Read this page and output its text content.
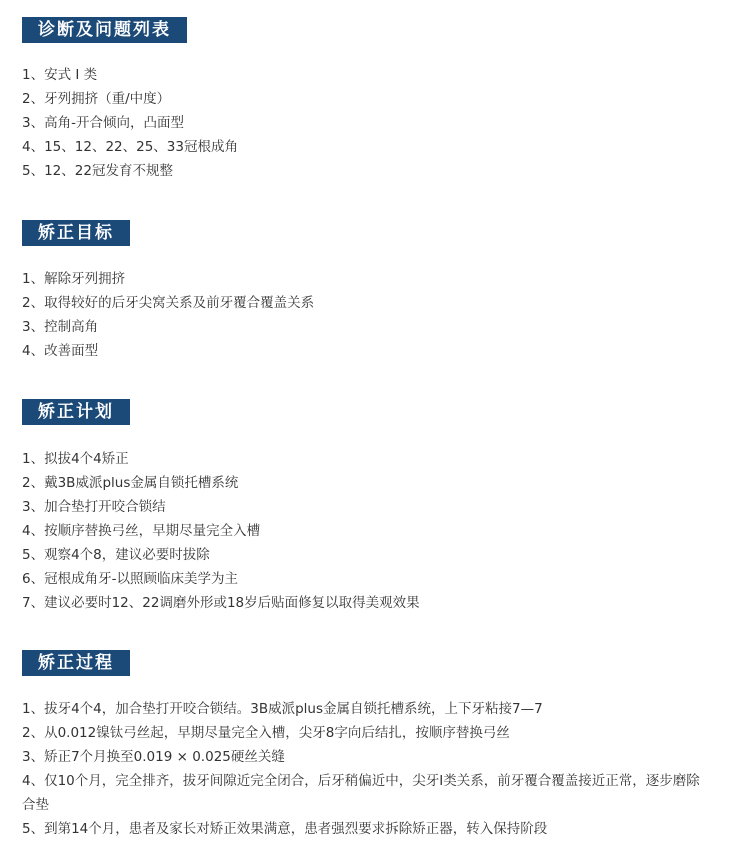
诊断及问题列表
1、安式 Ⅰ 类
2、牙列拥挤（重/中度）
3、高角-开合倾向，凸面型
4、15、12、22、25、33冠根成角
5、12、22冠发育不规整
矫正目标
1、解除牙列拥挤
2、取得较好的后牙尖窝关系及前牙覆合覆盖关系
3、控制高角
4、改善面型
矫正计划
1、拟拔4个4矫正
2、戴3B威派plus金属自锁托槽系统
3、加合垫打开咬合锁结
4、按顺序替换弓丝，早期尽量完全入槽
5、观察4个8，建议必要时拔除
6、冠根成角牙-以照顾临床美学为主
7、建议必要时12、22调磨外形或18岁后贴面修复以取得美观效果
矫正过程
1、拔牙4个4，加合垫打开咬合锁结。3B威派plus金属自锁托槽系统，上下牙粘接7—7
2、从0.012镍钛弓丝起，早期尽量完全入槽，尖牙8字向后结扎，按顺序替换弓丝
3、矫正7个月换至0.019 × 0.025硬丝关缝
4、仅10个月，完全排齐，拔牙间隙近完全闭合，后牙稍偏近中，尖牙Ⅰ类关系，前牙覆合覆盖接近正常，逐步磨除合垫
5、到第14个月，患者及家长对矫正效果满意，患者强烈要求拆除矫正器，转入保持阶段
